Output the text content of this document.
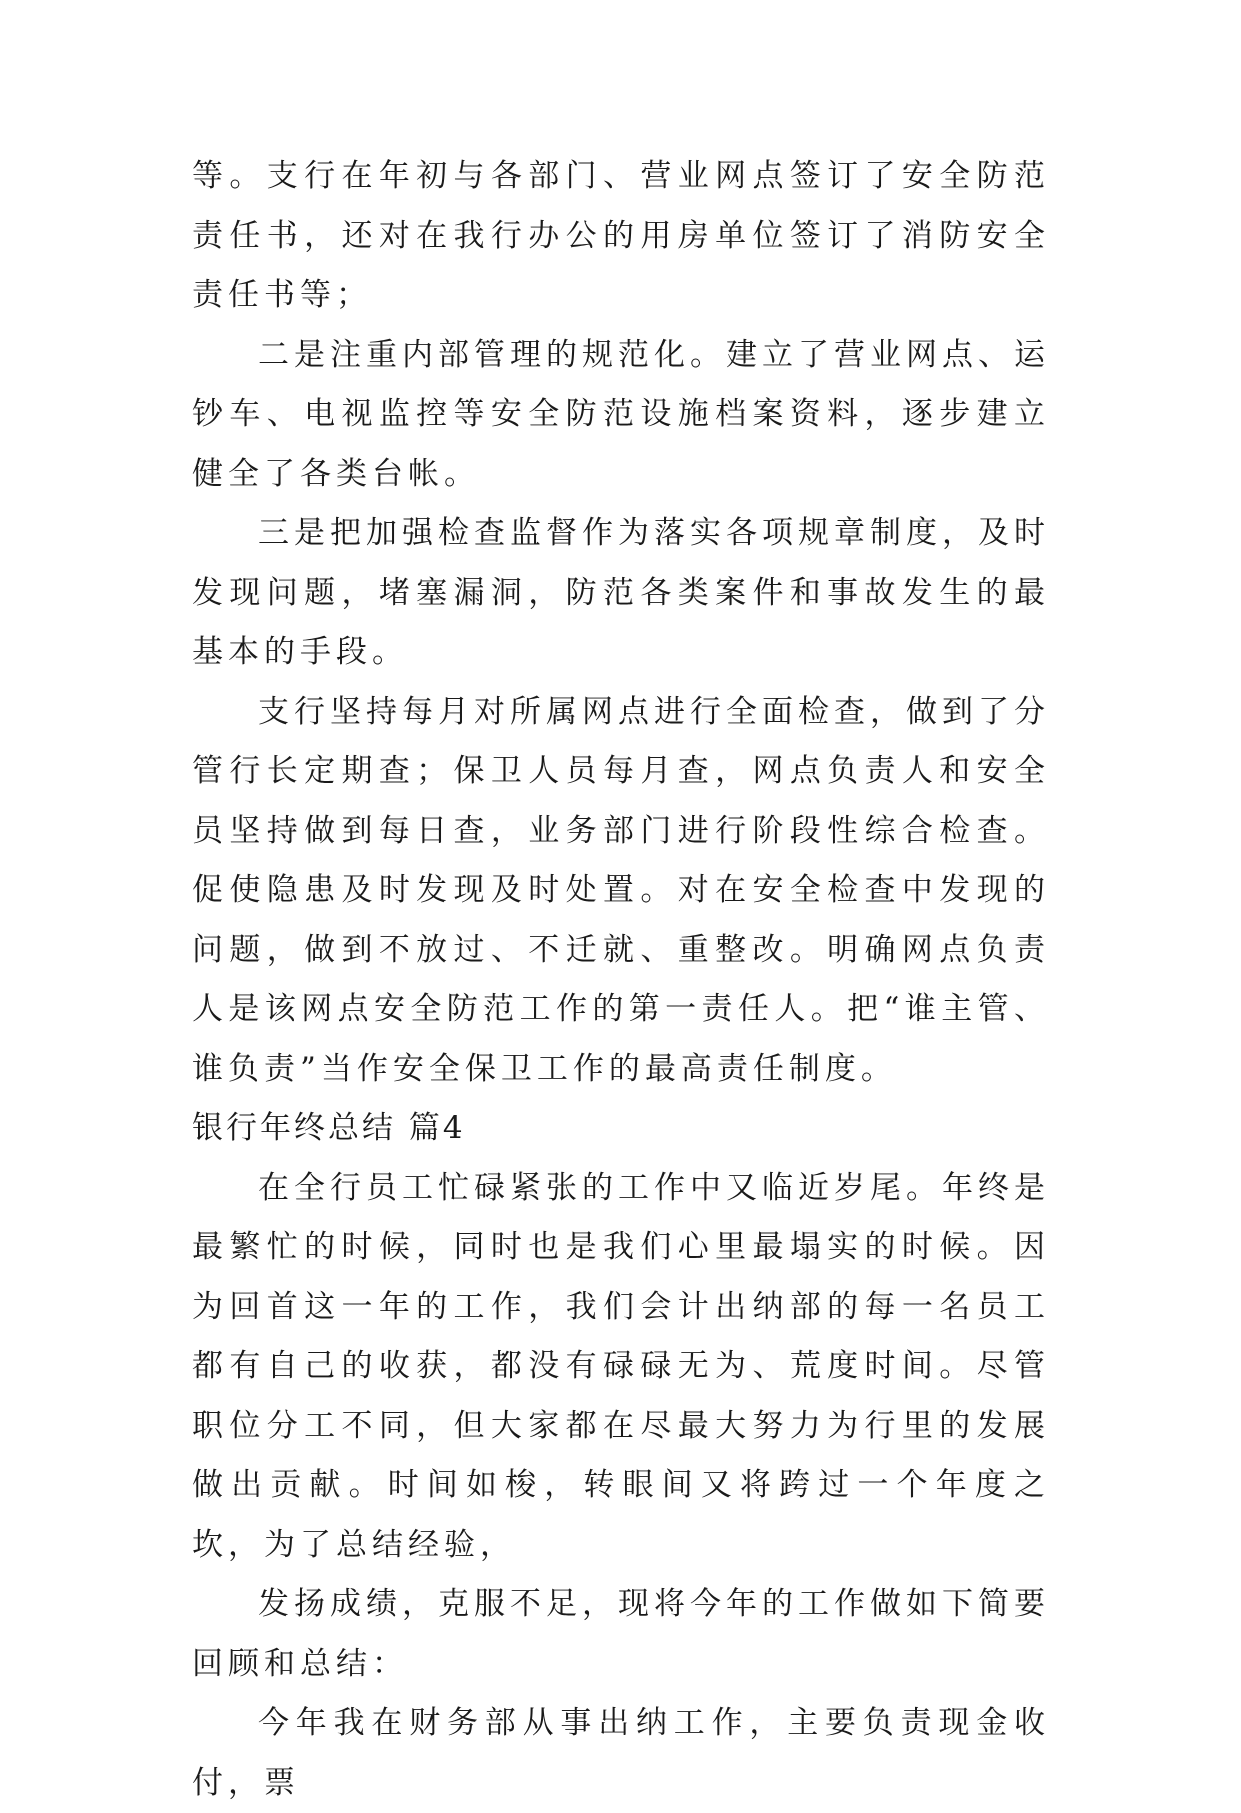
等。支行在年初与各部门、营业网点签订了安全防范责任书，还对在我行办公的用房单位签订了消防安全责任书等；

二是注重内部管理的规范化。建立了营业网点、运钞车、电视监控等安全防范设施档案资料，逐步建立健全了各类台帐。

三是把加强检查监督作为落实各项规章制度，及时发现问题，堵塞漏洞，防范各类案件和事故发生的最基本的手段。

支行坚持每月对所属网点进行全面检查，做到了分管行长定期查；保卫人员每月查，网点负责人和安全员坚持做到每日查，业务部门进行阶段性综合检查。促使隐患及时发现及时处置。对在安全检查中发现的问题，做到不放过、不迁就、重整改。明确网点负责人是该网点安全防范工作的第一责任人。把“谁主管、谁负责”当作安全保卫工作的最高责任制度。

银行年终总结 篇4

在全行员工忙碌紧张的工作中又临近岁尾。年终是最繁忙的时候，同时也是我们心里最塌实的时候。因为回首这一年的工作，我们会计出纳部的每一名员工都有自己的收获，都没有碌碌无为、荒度时间。尽管职位分工不同，但大家都在尽最大努力为行里的发展做出贡献。时间如梭，转眼间又将跨过一个年度之坎，为了总结经验，

发扬成绩，克服不足，现将今年的工作做如下简要回顾和总结：

今年我在财务部从事出纳工作，主要负责现金收付，票
